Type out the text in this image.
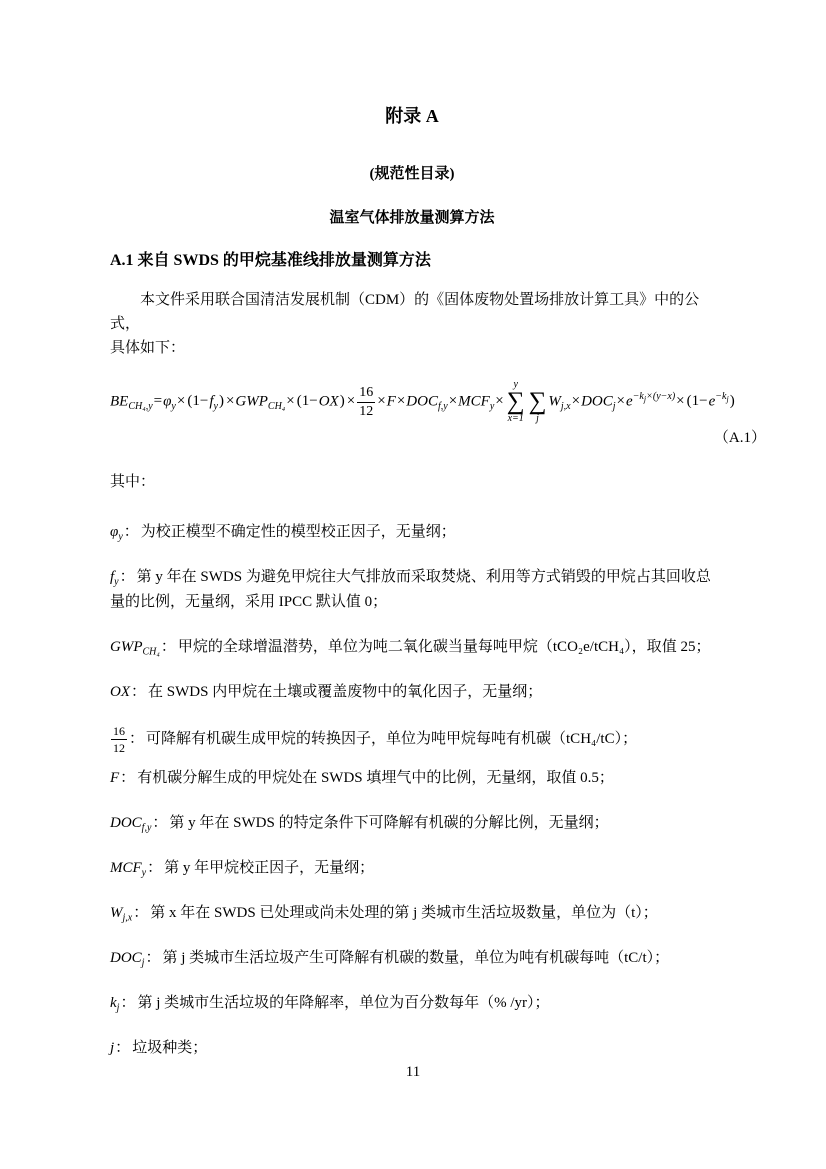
附录 A

(规范性目录)

温室气体排放量测算方法

A.1 来自 SWDS 的甲烷基准线排放量测算方法

本文件采用联合国清洁发展机制（CDM）的《固体废物处置场排放计算工具》中的公式，
具体如下：

$BE_{CH_4,y}=\varphi_y\times (1-f_y) \times GWP_{CH_4}\times (1-OX) \times \frac{16}{12} \times F\times DOC_{f,y}\times MCF_y\times$
y
∑
x=1
∑
j
$W_{j,x}\times DOC_j\times e^{-k_j\times(y-x)}\times (1-e^{-k_j})$

（A.1）

其中：

$\varphi_y$： 为校正模型不确定性的模型校正因子，无量纲；

$f_y$： 第 y 年在 SWDS 为避免甲烷往大气排放而采取焚烧、利用等方式销毁的甲烷占其回收总量的比例，无量纲，采用 IPCC 默认值 0；

$GWP_{CH_4}$： 甲烷的全球增温潜势，单位为吨二氧化碳当量每吨甲烷（tCO₂e/tCH₄），取值 25；

OX： 在 SWDS 内甲烷在土壤或覆盖废物中的氧化因子，无量纲；

$\frac{16}{12}$ ： 可降解有机碳生成甲烷的转换因子，单位为吨甲烷每吨有机碳（tCH₄/tC）；

F： 有机碳分解生成的甲烷处在 SWDS 填埋气中的比例，无量纲，取值 0.5；

$DOC_{f,y}$： 第 y 年在 SWDS 的特定条件下可降解有机碳的分解比例，无量纲；

$MCF_y$： 第 y 年甲烷校正因子，无量纲；

$W_{j,x}$： 第 x 年在 SWDS 已处理或尚未处理的第 j 类城市生活垃圾数量，单位为（t）；

$DOC_j$： 第 j 类城市生活垃圾产生可降解有机碳的数量，单位为吨有机碳每吨（tC/t）；

$k_j$： 第 j 类城市生活垃圾的年降解率，单位为百分数每年（% /yr）；

j： 垃圾种类；

11
